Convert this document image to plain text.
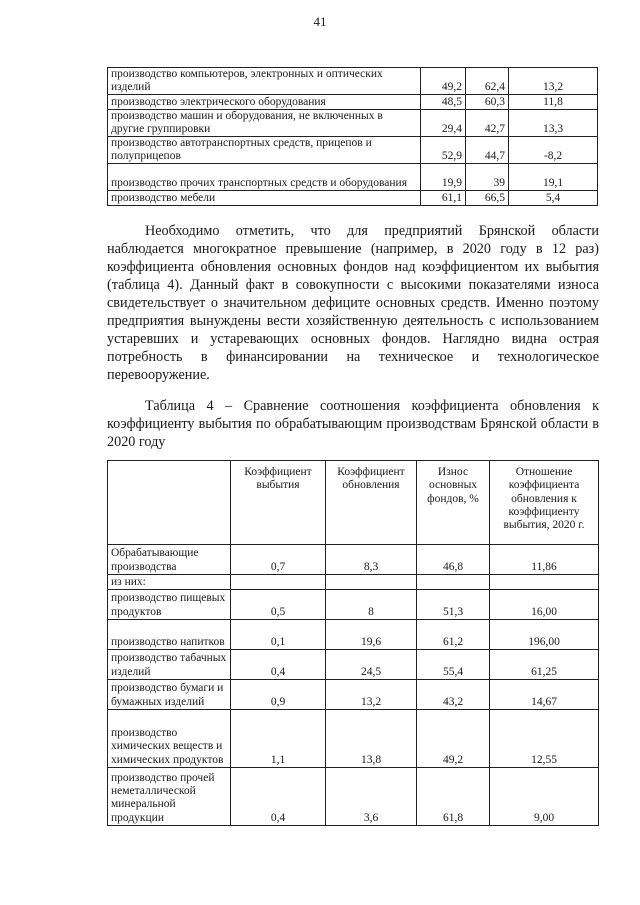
41
производство компьютеров, электронных и оптических изделий	49,2	62,4	13,2
производство электрического оборудования	48,5	60,3	11,8
производство машин и оборудования, не включенных в другие группировки	29,4	42,7	13,3
производство автотранспортных средств, прицепов и полуприцепов	52,9	44,7	-8,2
производство прочих транспортных средств и оборудования	19,9	39	19,1
производство мебели	61,1	66,5	5,4

Необходимо отметить, что для предприятий Брянской области наблюдается многократное превышение (например, в 2020 году в 12 раз) коэффициента обновления основных фондов над коэффициентом их выбытия (таблица 4). Данный факт в совокупности с высокими показателями износа свидетельствует о значительном дефиците основных средств. Именно поэтому предприятия вынуждены вести хозяйственную деятельность с использованием устаревших и устаревающих основных фондов. Наглядно видна острая потребность в финансировании на техническое и технологическое перевооружение.

Таблица 4 – Сравнение соотношения коэффициента обновления к коэффициенту выбытия по обрабатывающим производствам Брянской области в 2020 году

	Коэффициент выбытия	Коэффициент обновления	Износ основных фондов, %	Отношение коэффициента обновления к коэффициенту выбытия, 2020 г.
Обрабатывающие производства	0,7	8,3	46,8	11,86
из них:				
производство пищевых продуктов	0,5	8	51,3	16,00
производство напитков	0,1	19,6	61,2	196,00
производство табачных изделий	0,4	24,5	55,4	61,25
производство бумаги и бумажных изделий	0,9	13,2	43,2	14,67
производство химических веществ и химических продуктов	1,1	13,8	49,2	12,55
производство прочей неметаллической минеральной продукции	0,4	3,6	61,8	9,00
